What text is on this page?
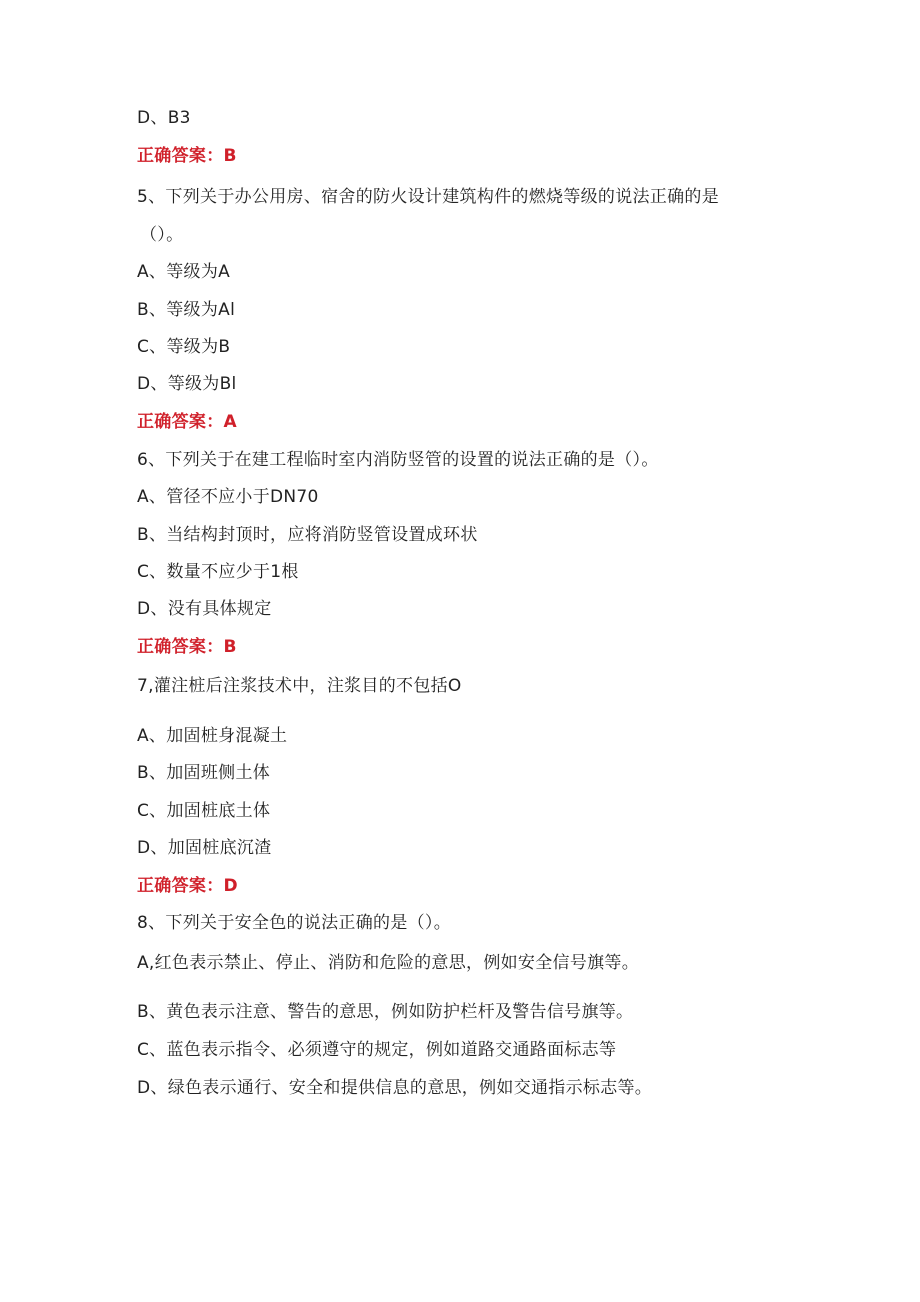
D、B3
正确答案：B
5、下列关于办公用房、宿舍的防火设计建筑构件的燃烧等级的说法正确的是
（）。
A、等级为A
B、等级为Al
C、等级为B
D、等级为Bl
正确答案：A
6、下列关于在建工程临时室内消防竖管的设置的说法正确的是（）。
A、管径不应小于DN70
B、当结构封顶时，应将消防竖管设置成环状
C、数量不应少于1根
D、没有具体规定
正确答案：B
7,灌注桩后注浆技术中，注浆目的不包括O
A、加固桩身混凝土
B、加固班侧土体
C、加固桩底土体
D、加固桩底沉渣
正确答案：D
8、下列关于安全色的说法正确的是（）。
A,红色表示禁止、停止、消防和危险的意思，例如安全信号旗等。
B、黄色表示注意、警告的意思，例如防护栏杆及警告信号旗等。
C、蓝色表示指令、必须遵守的规定，例如道路交通路面标志等
D、绿色表示通行、安全和提供信息的意思，例如交通指示标志等。
